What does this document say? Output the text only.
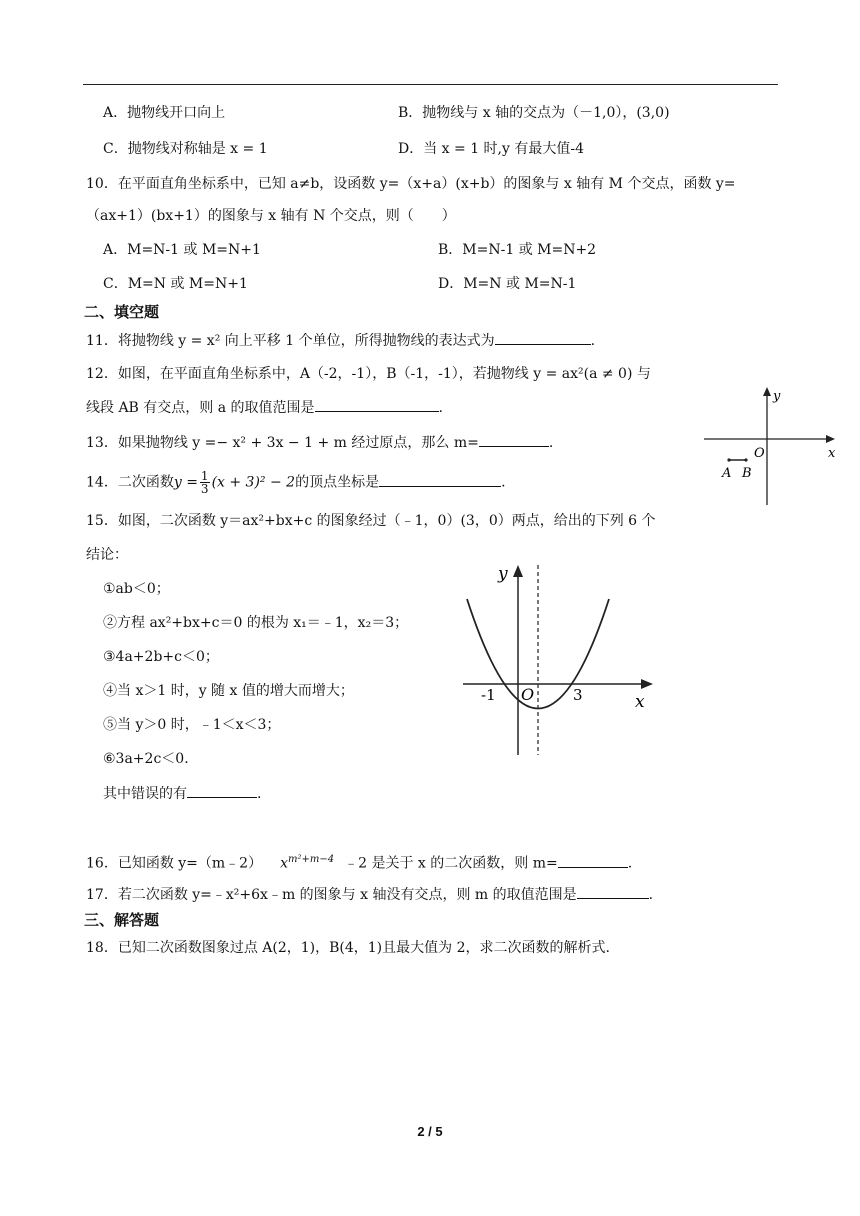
A．抛物线开口向上	B．抛物线与 x 轴的交点为（－1,0），(3,0)
C．抛物线对称轴是 x = 1	D．当 x = 1 时,y 有最大值-4
10．在平面直角坐标系中，已知 a≠b，设函数 y=（x+a）(x+b）的图象与 x 轴有 M 个交点，函数 y=
（ax+1）(bx+1）的图象与 x 轴有 N 个交点，则（　　）
A．M=N-1 或 M=N+1	B．M=N-1 或 M=N+2
C．M=N 或 M=N+1	D．M=N 或 M=N-1
二、填空题
11．将抛物线 y = x² 向上平移 1 个单位，所得抛物线的表达式为	.
12．如图，在平面直角坐标系中，A（-2，-1），B（-1，-1），若抛物线 y = ax²(a ≠ 0) 与
线段 AB 有交点，则 a 的取值范围是	.
y
x
O
A B
13．如果抛物线 y =− x² + 3x − 1 + m 经过原点，那么 m=	.
14．二次函数$y = \frac{1}{3} (x + 3)^2 - 2$的顶点坐标是	.
15．如图，二次函数 y＝ax²+bx+c 的图象经过（﹣1，0）(3，0）两点，给出的下列 6 个
结论：
①ab＜0；
②方程 ax²+bx+c＝0 的根为 x₁＝﹣1，x₂＝3；
③4a+2b+c＜0；
④当 x＞1 时，y 随 x 值的增大而增大；
⑤当 y＞0 时，﹣1＜x＜3；
⑥3a+2c＜0.
其中错误的有	.
y
x
O
-1	3
16．已知函数 y=（m﹣2） $x^{m^2+m-4}$ ﹣2 是关于 x 的二次函数，则 m=	.
17．若二次函数 y=﹣x²+6x﹣m 的图象与 x 轴没有交点，则 m 的取值范围是	.
三、解答题
18．已知二次函数图象过点 A(2，1)，B(4，1)且最大值为 2，求二次函数的解析式.
2 / 5
